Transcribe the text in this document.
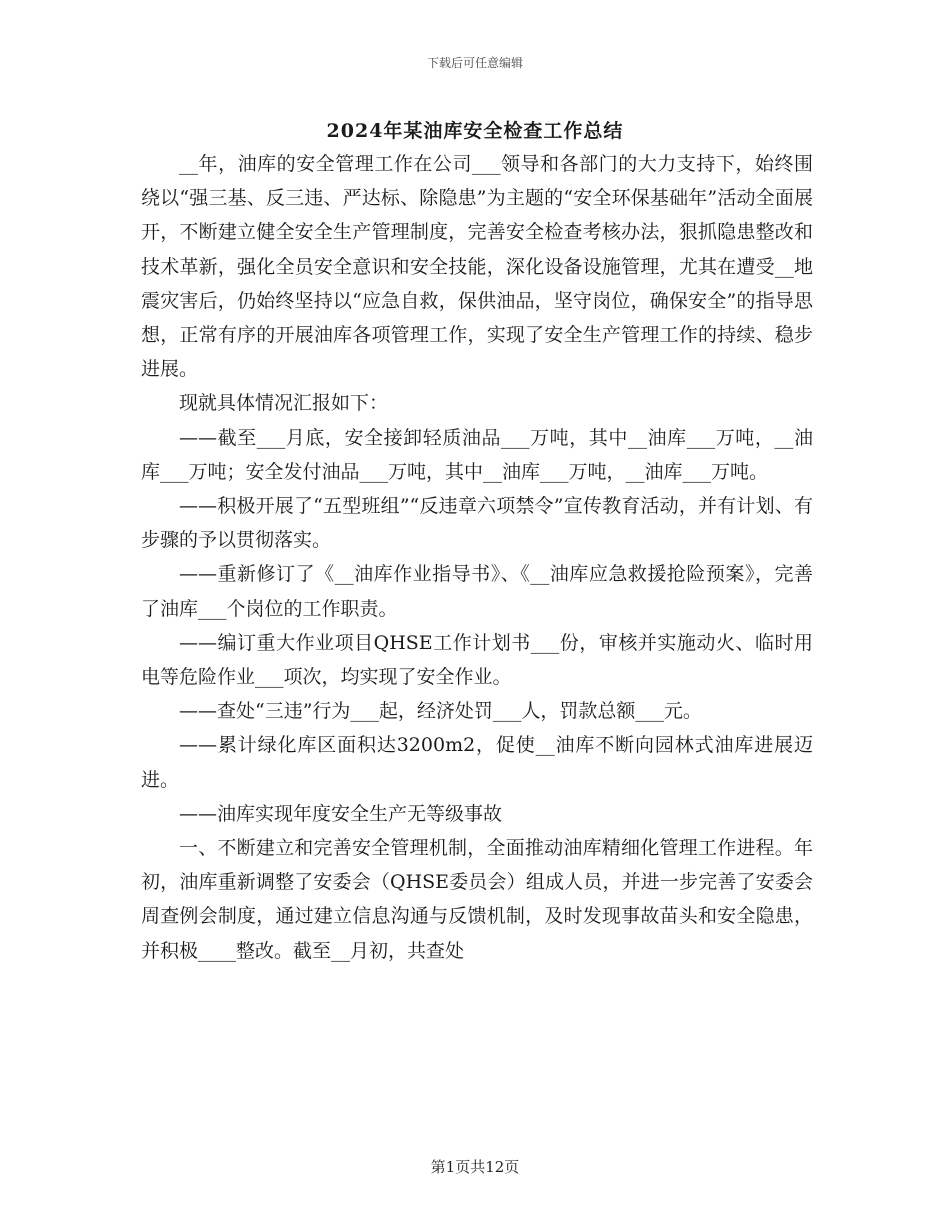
下载后可任意编辑
2024年某油库安全检查工作总结

__年，油库的安全管理工作在公司___领导和各部门的大力支持下，始终围绕以“强三基、反三违、严达标、除隐患”为主题的“安全环保基础年”活动全面展开，不断建立健全安全生产管理制度，完善安全检查考核办法，狠抓隐患整改和技术革新，强化全员安全意识和安全技能，深化设备设施管理，尤其在遭受__地震灾害后，仍始终坚持以“应急自救，保供油品，坚守岗位，确保安全”的指导思想，正常有序的开展油库各项管理工作，实现了安全生产管理工作的持续、稳步进展。

现就具体情况汇报如下：

——截至___月底，安全接卸轻质油品___万吨，其中__油库___万吨，__油库___万吨；安全发付油品___万吨，其中__油库___万吨，__油库___万吨。

——积极开展了“五型班组”“反违章六项禁令”宣传教育活动，并有计划、有步骤的予以贯彻落实。

——重新修订了《__油库作业指导书》、《__油库应急救援抢险预案》，完善了油库___个岗位的工作职责。

——编订重大作业项目QHSE工作计划书___份，审核并实施动火、临时用电等危险作业___项次，均实现了安全作业。

——查处“三违”行为___起，经济处罚___人，罚款总额___元。

——累计绿化库区面积达3200m2，促使__油库不断向园林式油库进展迈进。

——油库实现年度安全生产无等级事故

一、不断建立和完善安全管理机制，全面推动油库精细化管理工作进程。年初，油库重新调整了安委会（QHSE委员会）组成人员，并进一步完善了安委会周查例会制度，通过建立信息沟通与反馈机制，及时发现事故苗头和安全隐患，并积极____整改。截至__月初，共查处

第1页共12页
